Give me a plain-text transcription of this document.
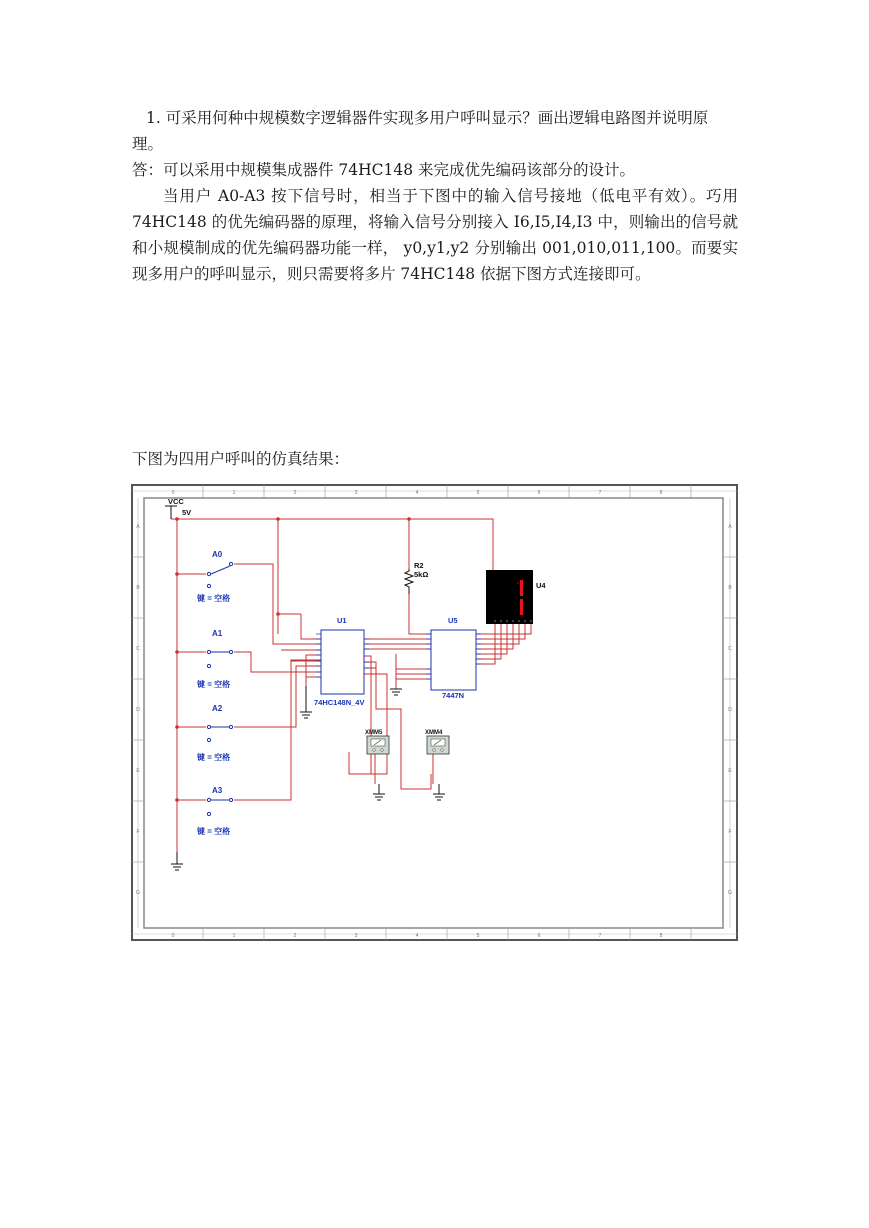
1. 可采用何种中规模数字逻辑器件实现多用户呼叫显示？画出逻辑电路图并说明原理。

答：可以采用中规模集成器件 74HC148 来完成优先编码该部分的设计。

当用户 A0-A3 按下信号时，相当于下图中的输入信号接地（低电平有效）。巧用 74HC148 的优先编码器的原理，将输入信号分别接入 I6,I5,I4,I3 中，则输出的信号就和小规模制成的优先编码器功能一样， y0,y1,y2 分别输出 001,010,011,100。而要实现多用户的呼叫显示，则只需要将多片 74HC148 依据下图方式连接即可。

下图为四用户呼叫的仿真结果：

0	1	2	3	4	5	6	7	8
0	1	2	3	4	5	6	7	8
A
B
C
D
E
F
G
A
B
C
D
E
F
G
VCC
5V
R2
5kΩ
U4
U1	U5
74HC148N_4V
7447N
XMM5	XMM4
A0
键 = 空格
A1
键 = 空格
A2
键 = 空格
A3
键 = 空格
